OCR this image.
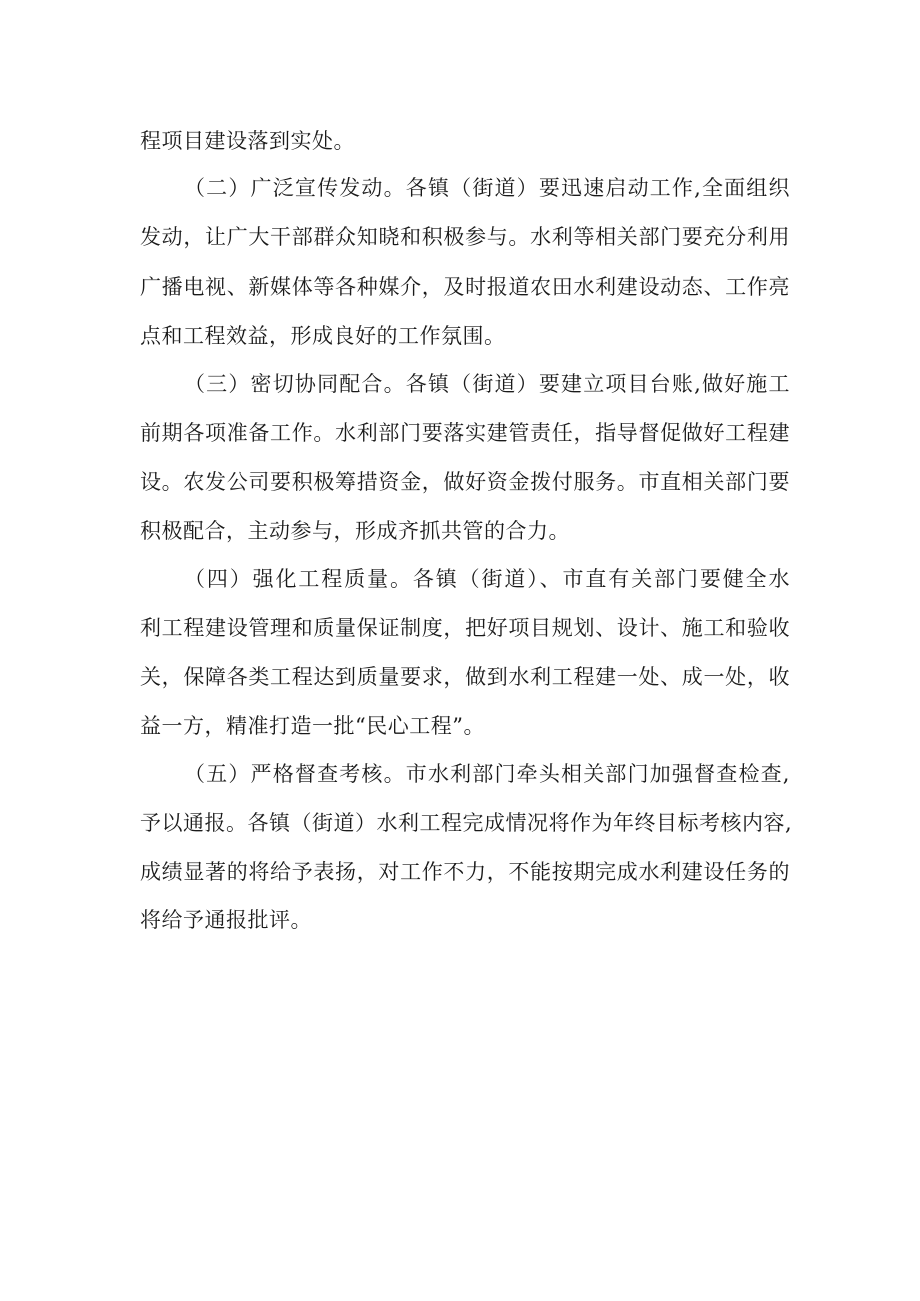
程项目建设落到实处。
（二）广泛宣传发动。各镇（街道）要迅速启动工作,全面组织
发动，让广大干部群众知晓和积极参与。水利等相关部门要充分利用
广播电视、新媒体等各种媒介，及时报道农田水利建设动态、工作亮
点和工程效益，形成良好的工作氛围。
（三）密切协同配合。各镇（街道）要建立项目台账,做好施工
前期各项准备工作。水利部门要落实建管责任，指导督促做好工程建
设。农发公司要积极筹措资金，做好资金拨付服务。市直相关部门要
积极配合，主动参与，形成齐抓共管的合力。
（四）强化工程质量。各镇（街道）、市直有关部门要健全水
利工程建设管理和质量保证制度，把好项目规划、设计、施工和验收
关，保障各类工程达到质量要求，做到水利工程建一处、成一处，收
益一方，精准打造一批“民心工程”。
（五）严格督查考核。市水利部门牵头相关部门加强督查检查,
予以通报。各镇（街道）水利工程完成情况将作为年终目标考核内容,
成绩显著的将给予表扬，对工作不力，不能按期完成水利建设任务的
将给予通报批评。
